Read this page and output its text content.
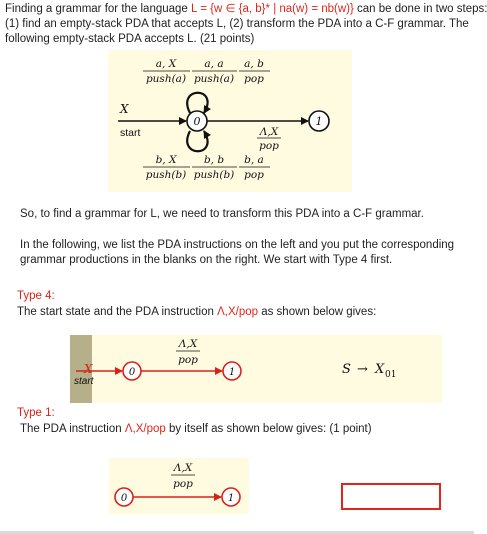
Finding a grammar for the language L = {w ∈ {a, b}* | na(w) = nb(w)} can be done in two steps:
(1) find an empty-stack PDA that accepts L, (2) transform the PDA into a C-F grammar. The
following empty-stack PDA accepts L. (21 points)
a, X
push(a)
a, a
push(a)
a, b
pop
X
start
0
Λ,X
pop
1
b, X
push(b)
b, b
push(b)
b, a
pop
So, to find a grammar for L, we need to transform this PDA into a C-F grammar.
In the following, we list the PDA instructions on the left and you put the corresponding
grammar productions in the blanks on the right. We start with Type 4 first.
Type 4:
The start state and the PDA instruction Λ,X/pop as shown below gives:
X
start
0
Λ,X
pop
1	S → X 01
Type 1:
The PDA instruction Λ,X/pop by itself as shown below gives: (1 point)
0
Λ,X
pop
1
